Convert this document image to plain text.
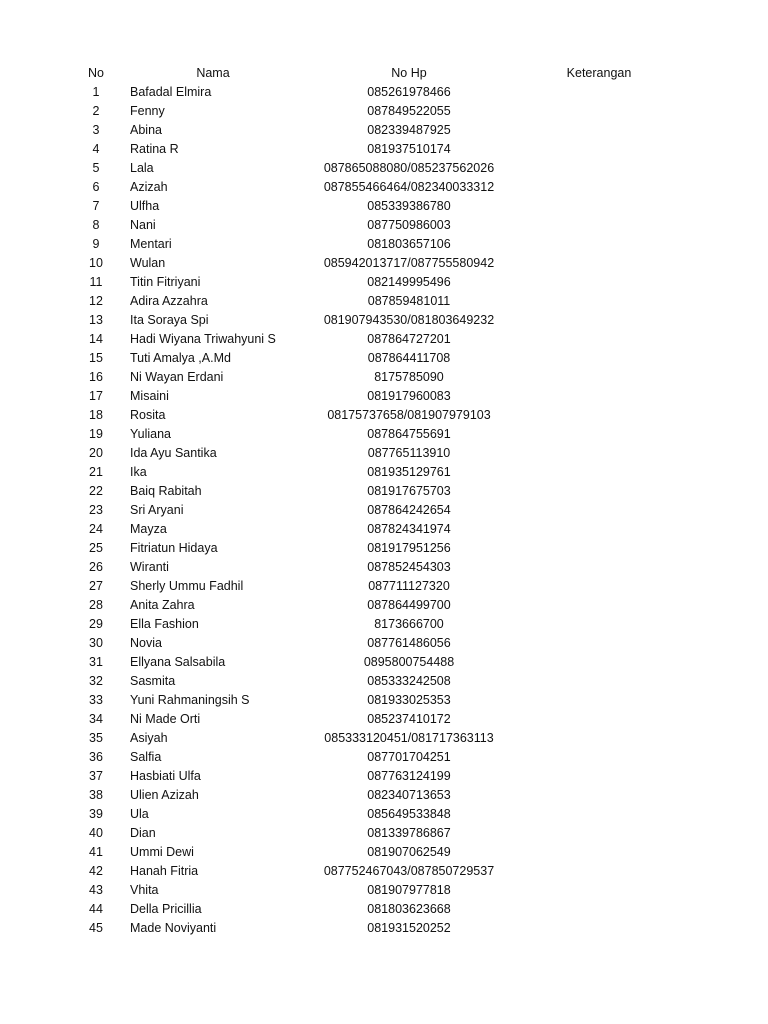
No	Nama	No Hp	Keterangan
1	Bafadal Elmira	085261978466
2	Fenny	087849522055
3	Abina	082339487925
4	Ratina R	081937510174
5	Lala	087865088080/085237562026
6	Azizah	087855466464/082340033312
7	Ulfha	085339386780
8	Nani	087750986003
9	Mentari	081803657106
10	Wulan	085942013717/087755580942
11	Titin Fitriyani	082149995496
12	Adira Azzahra	087859481011
13	Ita Soraya Spi	081907943530/081803649232
14	Hadi Wiyana Triwahyuni S	087864727201
15	Tuti Amalya ,A.Md	087864411708
16	Ni Wayan Erdani	8175785090
17	Misaini	081917960083
18	Rosita	08175737658/081907979103
19	Yuliana	087864755691
20	Ida Ayu Santika	087765113910
21	Ika	081935129761
22	Baiq Rabitah	081917675703
23	Sri Aryani	087864242654
24	Mayza	087824341974
25	Fitriatun Hidaya	081917951256
26	Wiranti	087852454303
27	Sherly Ummu Fadhil	087711127320
28	Anita Zahra	087864499700
29	Ella Fashion	8173666700
30	Novia	087761486056
31	Ellyana Salsabila	0895800754488
32	Sasmita	085333242508
33	Yuni Rahmaningsih S	081933025353
34	Ni Made Orti	085237410172
35	Asiyah	085333120451/081717363113
36	Salfia	087701704251
37	Hasbiati Ulfa	087763124199
38	Ulien Azizah	082340713653
39	Ula	085649533848
40	Dian	081339786867
41	Ummi Dewi	081907062549
42	Hanah Fitria	087752467043/087850729537
43	Vhita	081907977818
44	Della Pricillia	081803623668
45	Made Noviyanti	081931520252
